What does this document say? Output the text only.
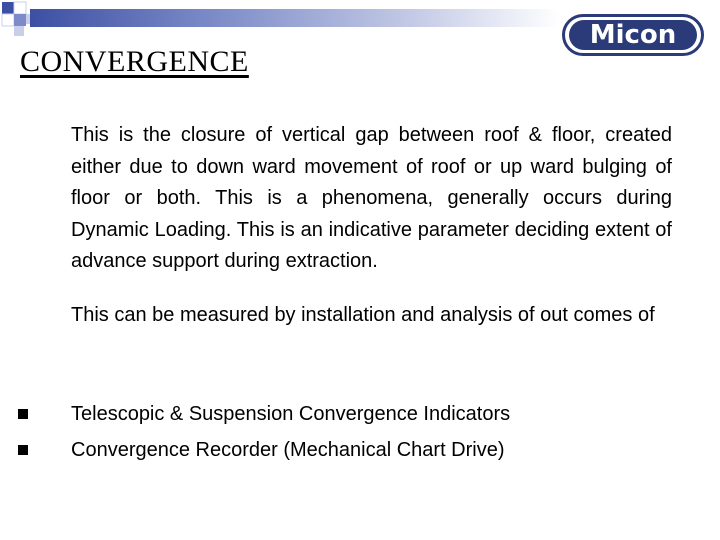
Micon
CONVERGENCE

This is the closure of vertical gap between roof & floor, created either due to down ward movement of roof or up ward bulging of floor or both. This is a phenomena, generally occurs during Dynamic Loading. This is an indicative parameter deciding extent of advance support during extraction.

This can be measured by installation and analysis of out comes of

Telescopic & Suspension Convergence Indicators
Convergence Recorder (Mechanical Chart Drive)
